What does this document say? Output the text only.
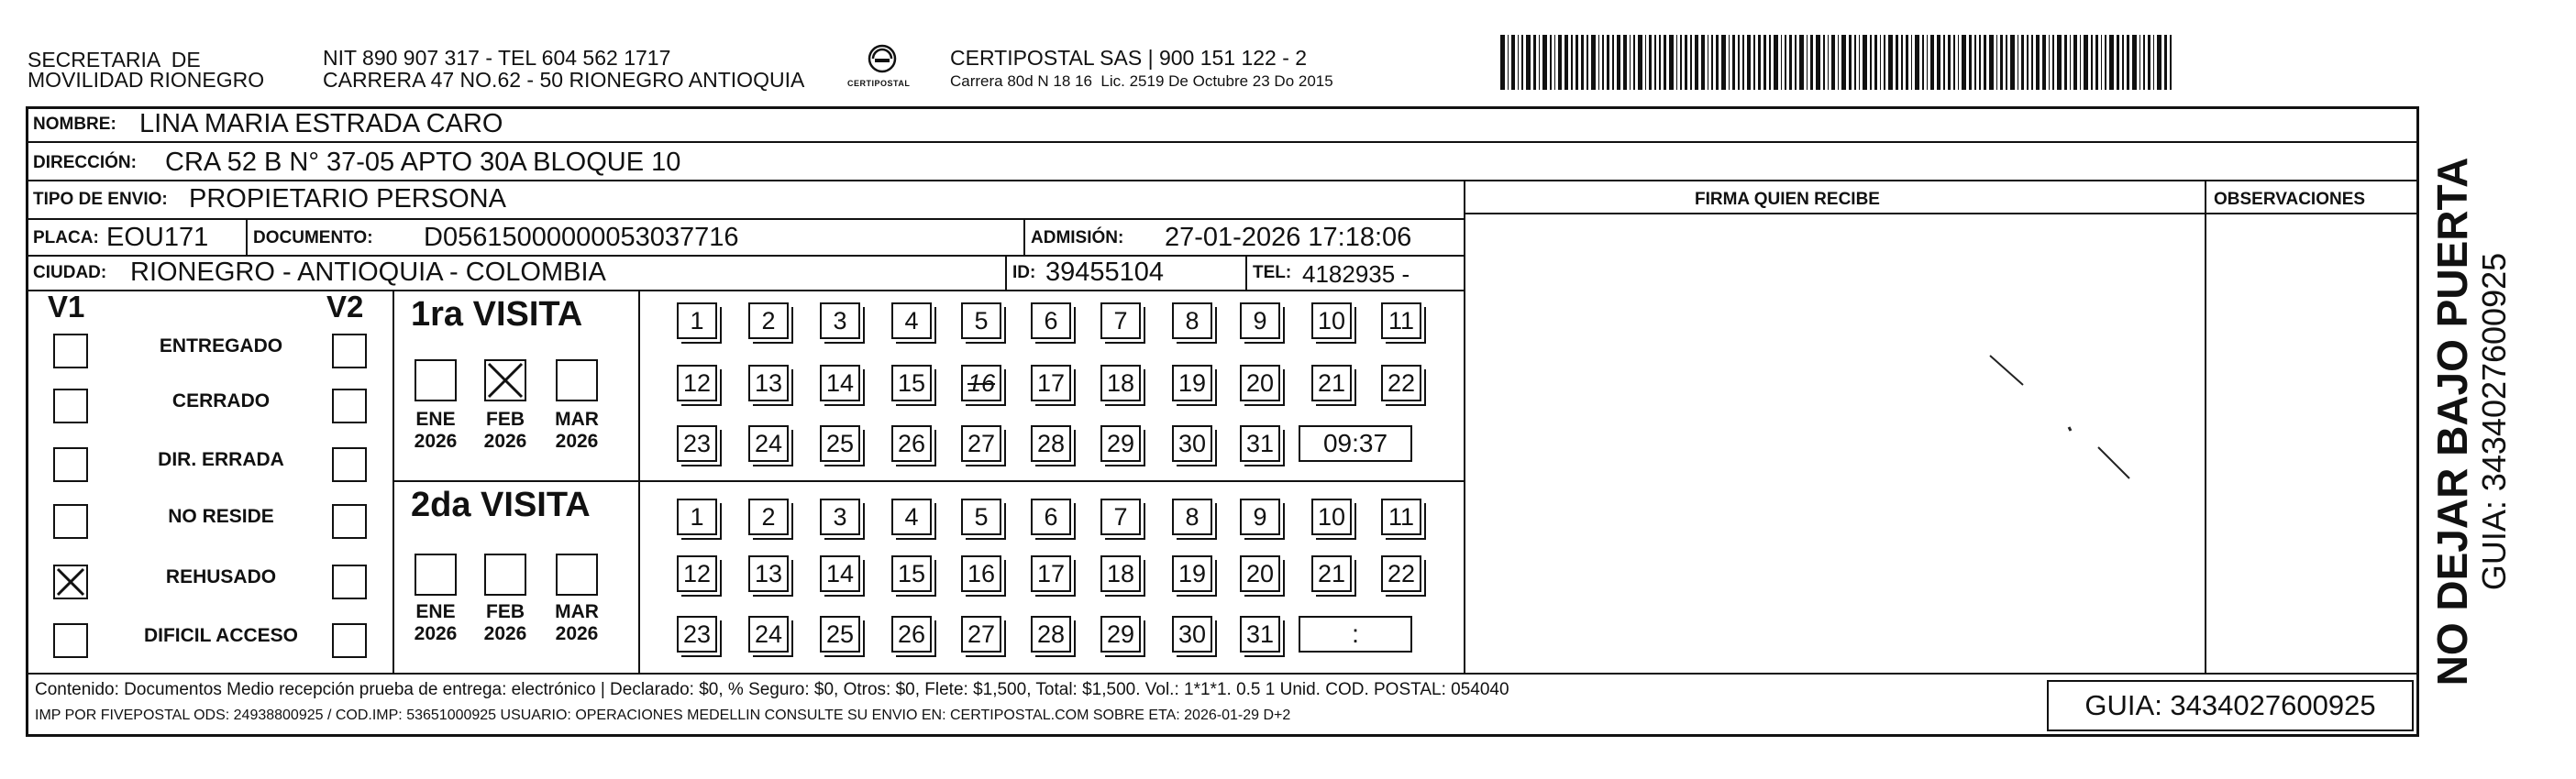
SECRETARIA  DE
MOVILIDAD RIONEGRO
NIT 890 907 317 - TEL 604 562 1717
CARRERA 47 NO.62 - 50 RIONEGRO ANTIOQUIA	CERTIPOSTAL
CERTIPOSTAL SAS | 900 151 122 - 2
Carrera 80d N 18 16  Lic. 2519 De Octubre 23 Do 2015
NOMBRE: LINA MARIA ESTRADA CARO
DIRECCIÓN: CRA 52 B N° 37-05 APTO 30A BLOQUE 10
TIPO DE ENVIO: PROPIETARIO PERSONA	FIRMA QUIEN RECIBE	OBSERVACIONES
PLACA: EOU171	DOCUMENTO: D05615000000053037716	ADMISIÓN: 27-01-2026 17:18:06
CIUDAD: RIONEGRO - ANTIOQUIA - COLOMBIA	ID: 39455104	TEL: 4182935 -
V1	V2
ENTREGADO
CERRADO
DIR. ERRADA
NO RESIDE
REHUSADO
DIFICIL ACCESO
1ra VISITA
ENE
2026
FEB
2026
MAR
2026
1	2	3	4	5	6	7	8	9	10 11
12 13 14 15 16 17 18 19 20 21 22
23 24 25 26 27 28 29 30 31	09:37
2da VISITA
ENE
2026
FEB
2026
MAR
2026
1	2	3	4	5	6	7	8	9	10 11
12 13 14 15 16 17 18 19 20 21 22
23 24 25 26 27 28 29 30 31	:
Contenido: Documentos Medio recepción prueba de entrega: electrónico | Declarado: $0, % Seguro: $0, Otros: $0, Flete: $1,500, Total: $1,500. Vol.: 1*1*1. 0.5 1 Unid. COD. POSTAL: 054040
IMP POR FIVEPOSTAL ODS: 24938800925 / COD.IMP: 53651000925 USUARIO: OPERACIONES MEDELLIN CONSULTE SU ENVIO EN: CERTIPOSTAL.COM SOBRE ETA: 2026-01-29 D+2	GUIA: 3434027600925
NO DEJAR BAJO PUERTA GUIA: 3434027600925
